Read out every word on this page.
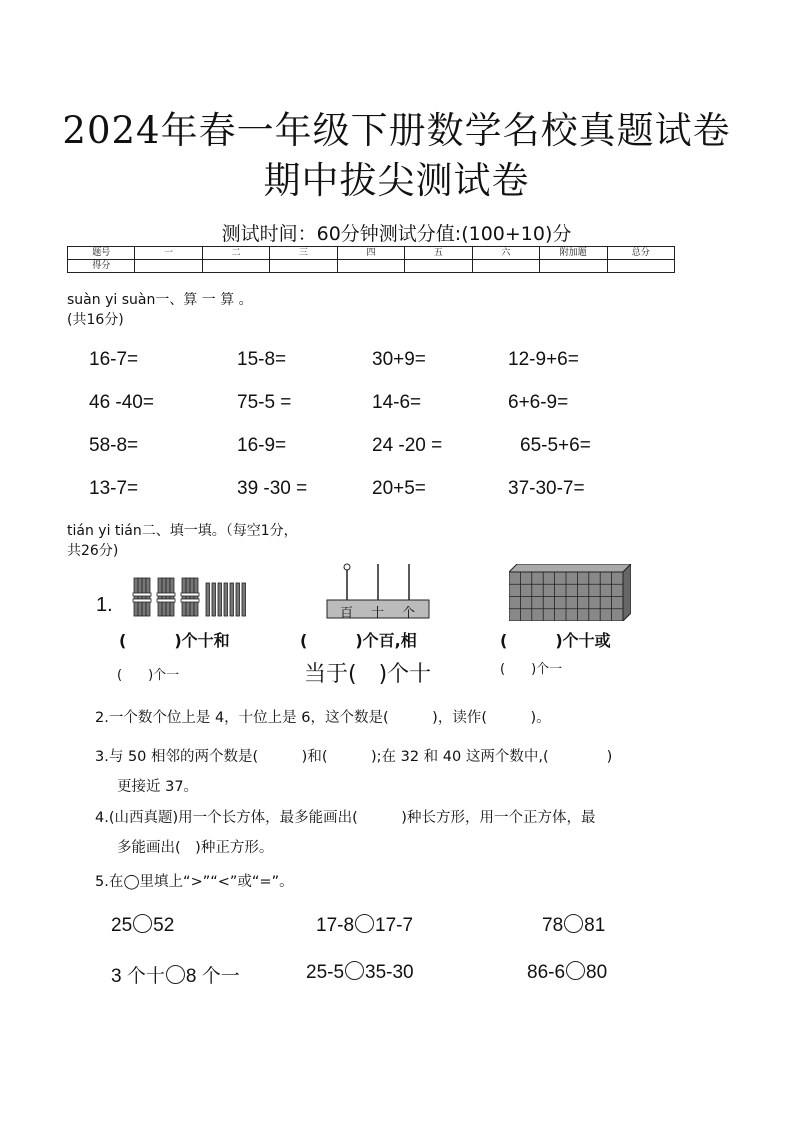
2024年春一年级下册数学名校真题试卷
期中拔尖测试卷
测试时间：60分钟测试分值:(100+10)分
题号	一	二	三	四	五	六	附加题	总分
得分								
suàn yi suàn一、算 一 算 。
(共16分)
16-7=	15-8=	30+9=	12-9+6=
46 -40=	75-5 =	14-6=	6+6-9=
58-8=	16-9=	24 -20 =	65-5+6=
13-7=	39 -30 =	20+5=	37-30-7=
tián yi tián二、填一填。（每空1分，
共26分)
1.	百 十 个
(　　　)个十和	(　　　)个百,相	(　　　)个十或
(　　)个一	当于(　)个十	(　　)个一
2.一个数个位上是 4，十位上是 6，这个数是(　　　)，读作(　　　)。
3.与 50 相邻的两个数是(　　　)和(　　　);在 32 和 40 这两个数中,(　　　　)
更接近 37。
4.(山西真题)用一个长方体，最多能画出(　　　)种长方形，用一个正方体，最
多能画出(　)种正方形。
5.在◯里填上“>”“<”或“=”。
25 52	17-8 17-7	78 81
3 个十 8 个一	25-5 35-30	86-6 80
